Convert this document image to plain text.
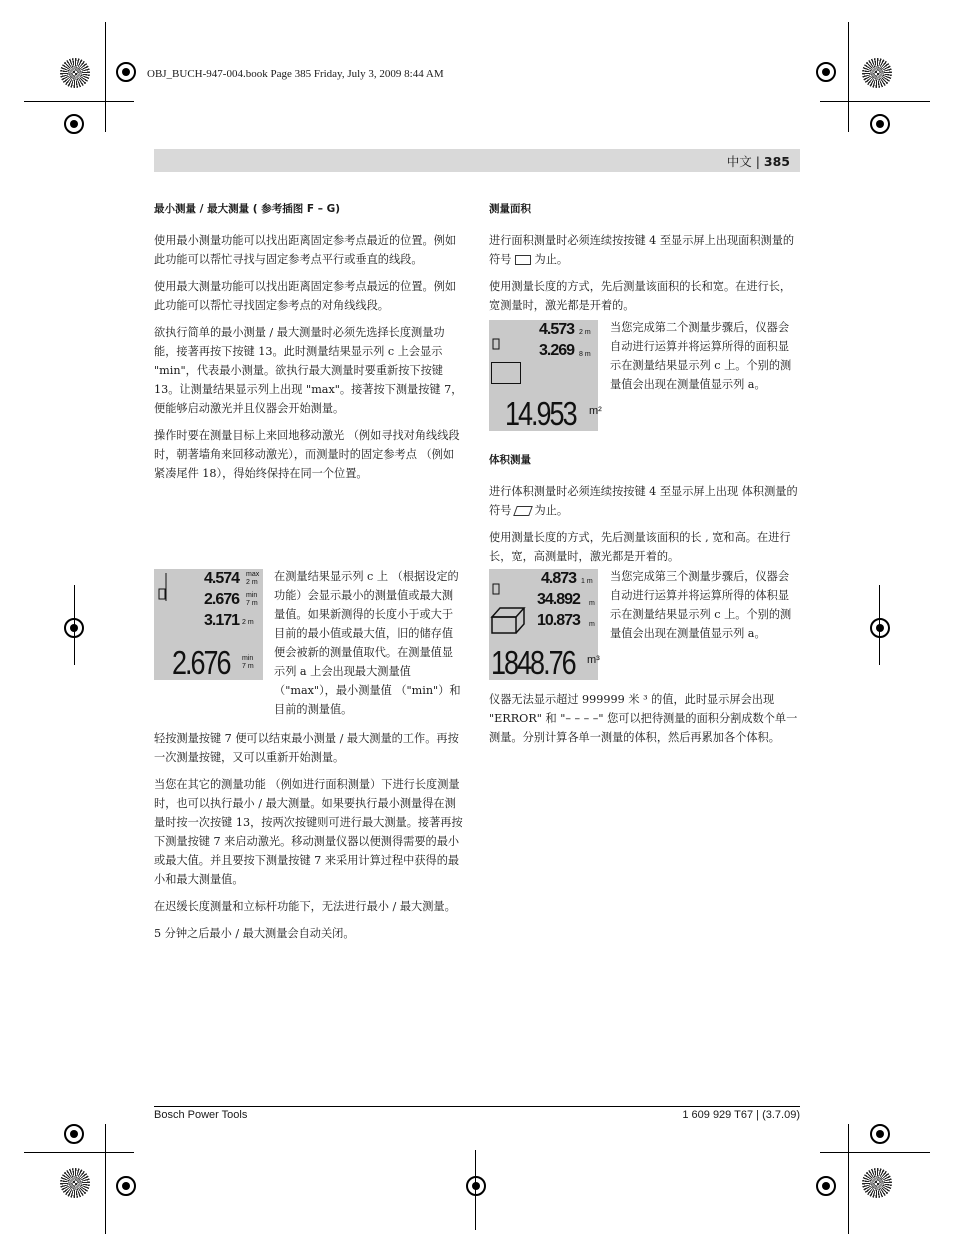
OBJ_BUCH-947-004.book Page 385 Friday, July 3, 2009 8:44 AM
中文 | 385
最小测量 / 最大测量 ( 参考插图 F – G)

使用最小测量功能可以找出距离固定参考点最近的位置。例如此功能可以帮忙寻找与固定参考点平行或垂直的线段。

使用最大测量功能可以找出距离固定参考点最远的位置。例如此功能可以帮忙寻找固定参考点的对角线线段。

欲执行简单的最小测量 / 最大测量时必须先选择长度测量功能，接著再按下按键 13。此时测量结果显示列 c 上会显示 "min"，代表最小测量。欲执行最大测量时要重新按下按键 13。让测量结果显示列上出现 "max"。接著按下测量按键 7，便能够启动激光并且仪器会开始测量。

操作时要在测量目标上来回地移动激光 （例如寻找对角线线段时，朝著墙角来回移动激光），而测量时的固定参考点 （例如紧凑尾件 18），得始终保持在同一个位置。

4.574 max
2 m
2.676 min
7 m
3.171 2 m
2.676 min
7 m
在测量结果显示列 c 上 （根据设定的功能）会显示最小的测量值或最大测量值。如果新测得的长度小于或大于目前的最小值或最大值，旧的储存值便会被新的测量值取代。在测量值显示列 a 上会出现最大测量值 （"max"），最小测量值 （"min"）和目前的测量值。

轻按测量按键 7 便可以结束最小测量 / 最大测量的工作。再按一次测量按键，又可以重新开始测量。

当您在其它的测量功能 （例如进行面积测量）下进行长度测量时，也可以执行最小 / 最大测量。如果要执行最小测量得在测量时按一次按键 13，按两次按键则可进行最大测量。接著再按下测量按键 7 来启动激光。移动测量仪器以便测得需要的最小或最大值。并且要按下测量按键 7 来采用计算过程中获得的最小和最大测量值。

在迟缓长度测量和立标杆功能下，无法进行最小 / 最大测量。

5 分钟之后最小 / 最大测量会自动关闭。

测量面积

进行面积测量时必须连续按按键 4 至显示屏上出现面积测量的符号 为止。

使用测量长度的方式，先后测量该面积的长和宽。在进行长，宽测量时，激光都是开着的。

4.573 2 m
3.269 8 m
14.953 m²
当您完成第二个测量步骤后，仪器会自动进行运算并将运算所得的面积显示在测量结果显示列 c 上。个别的测量值会出现在测量值显示列 a。
体积测量

进行体积测量时必须连续按按键 4 至显示屏上出现 体积测量的符号 为止。

使用测量长度的方式，先后测量该面积的长 , 宽和高。在进行长，宽，高测量时，激光都是开着的。

4.873 1 m
34.892 m
10.873 m
1848.76 m³
当您完成第三个测量步骤后，仪器会自动进行运算并将运算所得的体积显示在测量结果显示列 c 上。个别的测量值会出现在测量值显示列 a。

仪器无法显示超过 999999 米 ³ 的值，此时显示屏会出现 "ERROR" 和 "– – – –" 您可以把待测量的面积分割成数个单一测量。分别计算各单一测量的体积，然后再累加各个体积。

Bosch Power Tools	1 609 929 T67 | (3.7.09)
